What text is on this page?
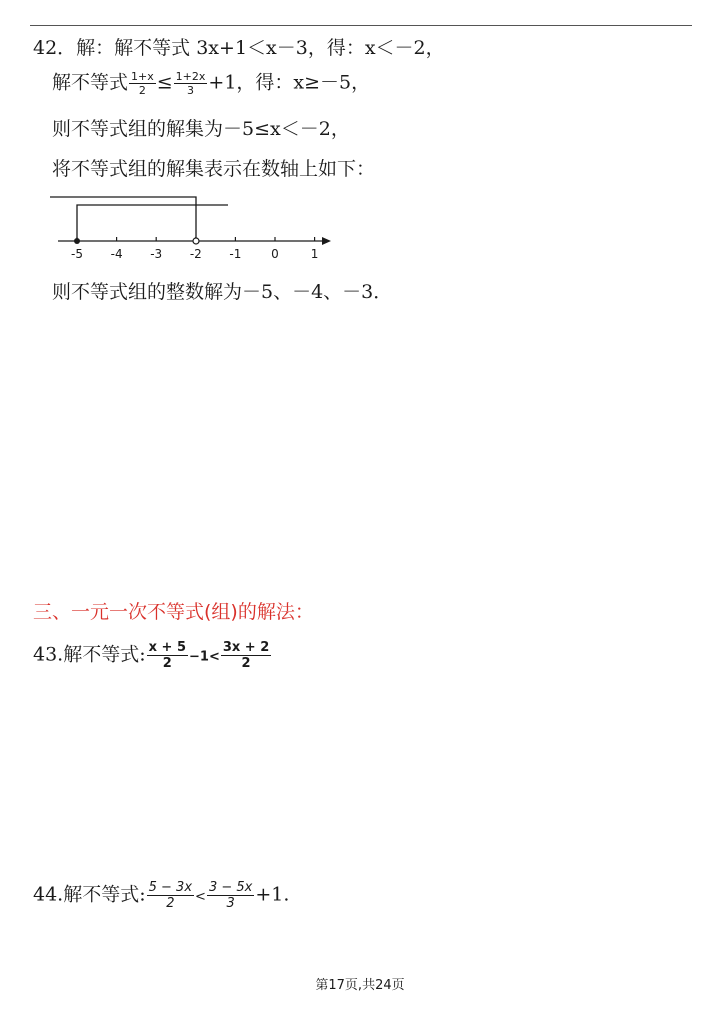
42．解：解不等式 3x+1＜x－3，得：x＜－2，
解不等式 $\frac{1+x}{2} \le \frac{1+2x}{3} +1$，得：x≥－5，
则不等式组的解集为－5≤x＜－2，
将不等式组的解集表示在数轴上如下：
-5 -4 -3 -2 -1 0	1
则不等式组的整数解为－5、－4、－3．
三、一元一次不等式(组)的解法：
43.解不等式: $\frac{x + 5}{2} -1< \frac{3x + 2}{2}$
44.解不等式: $\frac{5 - 3x}{2} < \frac{3 - 5x}{3} +1$.
第17页,共24页
